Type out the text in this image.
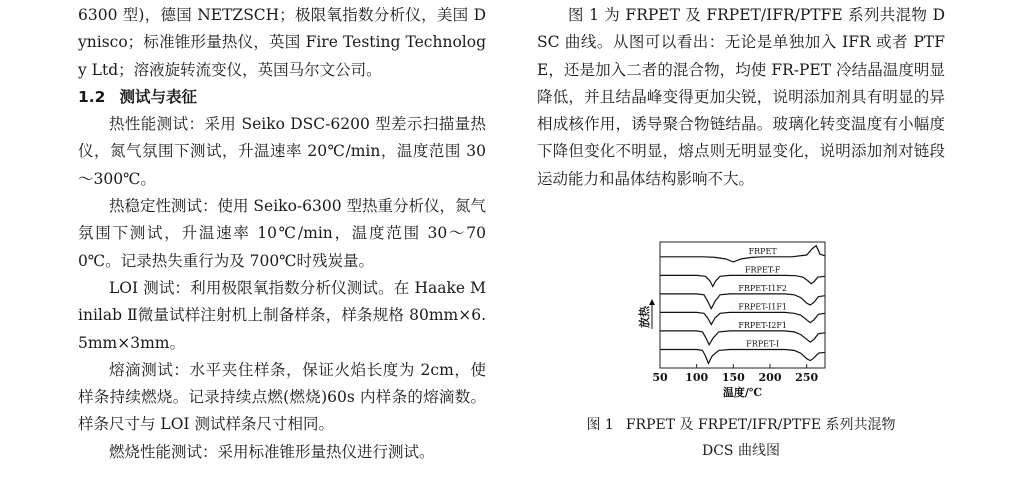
6300 型)，德国 NETZSCH；极限氧指数分析仪，美国 Dynisco；标准锥形量热仪，英国 Fire Testing Technology Ltd；溶液旋转流变仪，英国马尔文公司。

1.2 测试与表征

热性能测试：采用 Seiko DSC-6200 型差示扫描量热仪，氮气氛围下测试，升温速率 20℃/min，温度范围 30～300℃。

热稳定性测试：使用 Seiko-6300 型热重分析仪，氮气氛围下测试，升温速率 10℃/min，温度范围 30～700℃。记录热失重行为及 700℃时残炭量。

LOI 测试：利用极限氧指数分析仪测试。在 Haake Minilab Ⅱ微量试样注射机上制备样条，样条规格 80mm×6.5mm×3mm。

熔滴测试：水平夹住样条，保证火焰长度为 2cm，使样条持续燃烧。记录持续点燃(燃烧)60s 内样条的熔滴数。样条尺寸与 LOI 测试样条尺寸相同。

燃烧性能测试：采用标准锥形量热仪进行测试。

图 1 为 FRPET 及 FRPET/IFR/PTFE 系列共混物 DSC 曲线。从图可以看出：无论是单独加入 IFR 或者 PTFE，还是加入二者的混合物，均使 FR-PET 冷结晶温度明显降低，并且结晶峰变得更加尖锐，说明添加剂具有明显的异相成核作用，诱导聚合物链结晶。玻璃化转变温度有小幅度下降但变化不明显，熔点则无明显变化，说明添加剂对链段运动能力和晶体结构影响不大。

50 100 150 200 250
温度/℃
放热
FRPET
FRPET-F
FRPET-I1F2
FRPET-I1F1
FRPET-I2F1
FRPET-I
图 1 FRPET 及 FRPET/IFR/PTFE 系列共混物
DCS 曲线图
